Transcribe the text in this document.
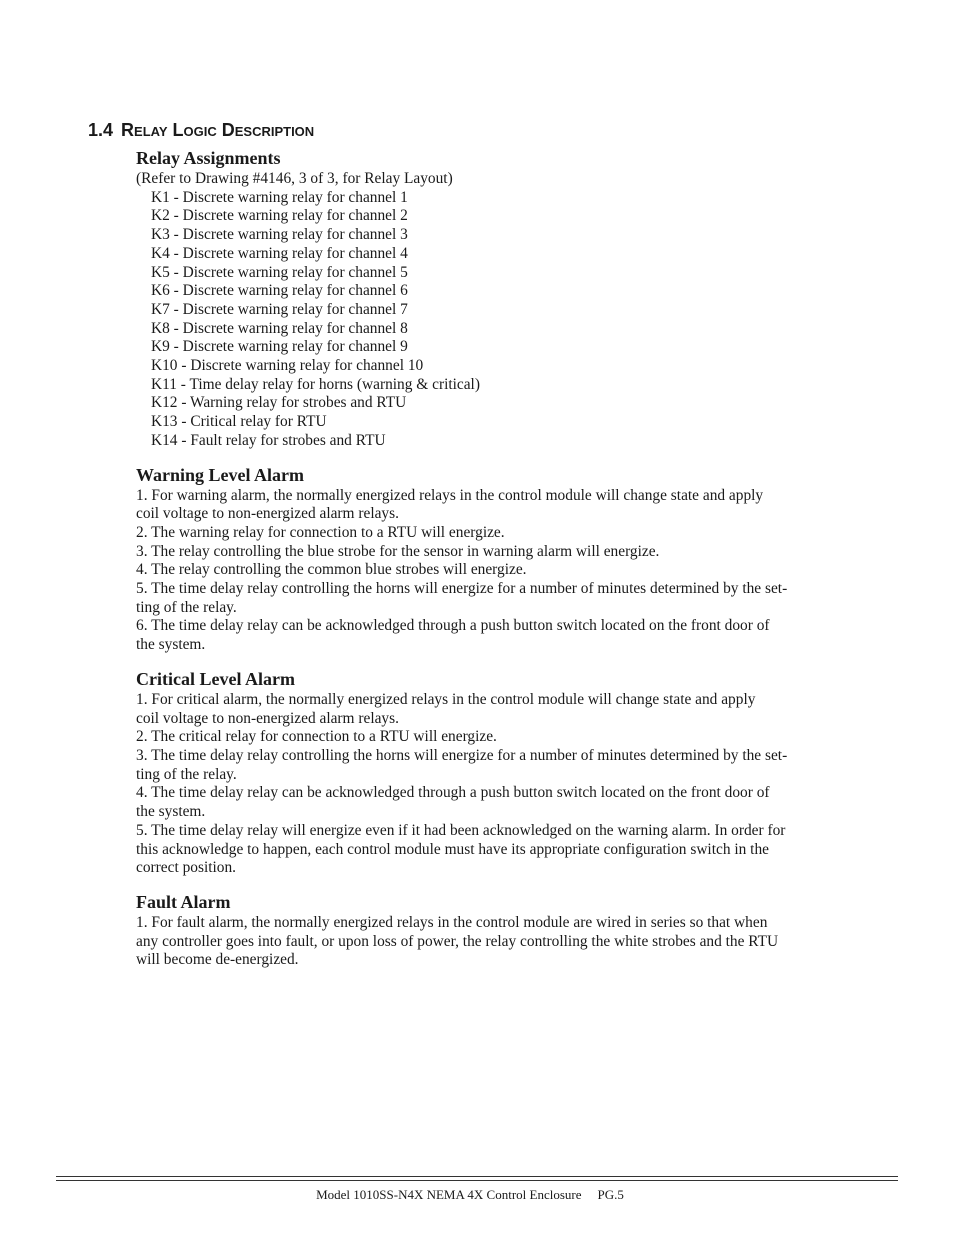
1.4 Relay Logic Description
Relay Assignments
(Refer to Drawing #4146, 3 of 3, for Relay Layout)
K1 - Discrete warning relay for channel 1
K2 - Discrete warning relay for channel 2
K3 - Discrete warning relay for channel 3
K4 - Discrete warning relay for channel 4
K5 - Discrete warning relay for channel 5
K6 - Discrete warning relay for channel 6
K7 - Discrete warning relay for channel 7
K8 - Discrete warning relay for channel 8
K9 - Discrete warning relay for channel 9
K10 - Discrete warning relay for channel 10
K11 - Time delay relay for horns (warning & critical)
K12 - Warning relay for strobes and RTU
K13 - Critical relay for RTU
K14 - Fault relay for strobes and RTU
Warning Level Alarm
1. For warning alarm, the normally energized relays in the control module will change state and apply
coil voltage to non-energized alarm relays.
2. The warning relay for connection to a RTU will energize.
3. The relay controlling the blue strobe for the sensor in warning alarm will energize.
4. The relay controlling the common blue strobes will energize.
5. The time delay relay controlling the horns will energize for a number of minutes determined by the set-
ting of the relay.
6. The time delay relay can be acknowledged through a push button switch located on the front door of
the system.
Critical Level Alarm
1. For critical alarm, the normally energized relays in the control module will change state and apply
coil voltage to non-energized alarm relays.
2. The critical relay for connection to a RTU will energize.
3. The time delay relay controlling the horns will energize for a number of minutes determined by the set-
ting of the relay.
4. The time delay relay can be acknowledged through a push button switch located on the front door of
the system.
5. The time delay relay will energize even if it had been acknowledged on the warning alarm. In order for
this acknowledge to happen, each control module must have its appropriate configuration switch in the
correct position.
Fault Alarm
1. For fault alarm, the normally energized relays in the control module are wired in series so that when
any controller goes into fault, or upon loss of power, the relay controlling the white strobes and the RTU
will become de-energized.
Model 1010SS-N4X NEMA 4X Control Enclosure PG.5
